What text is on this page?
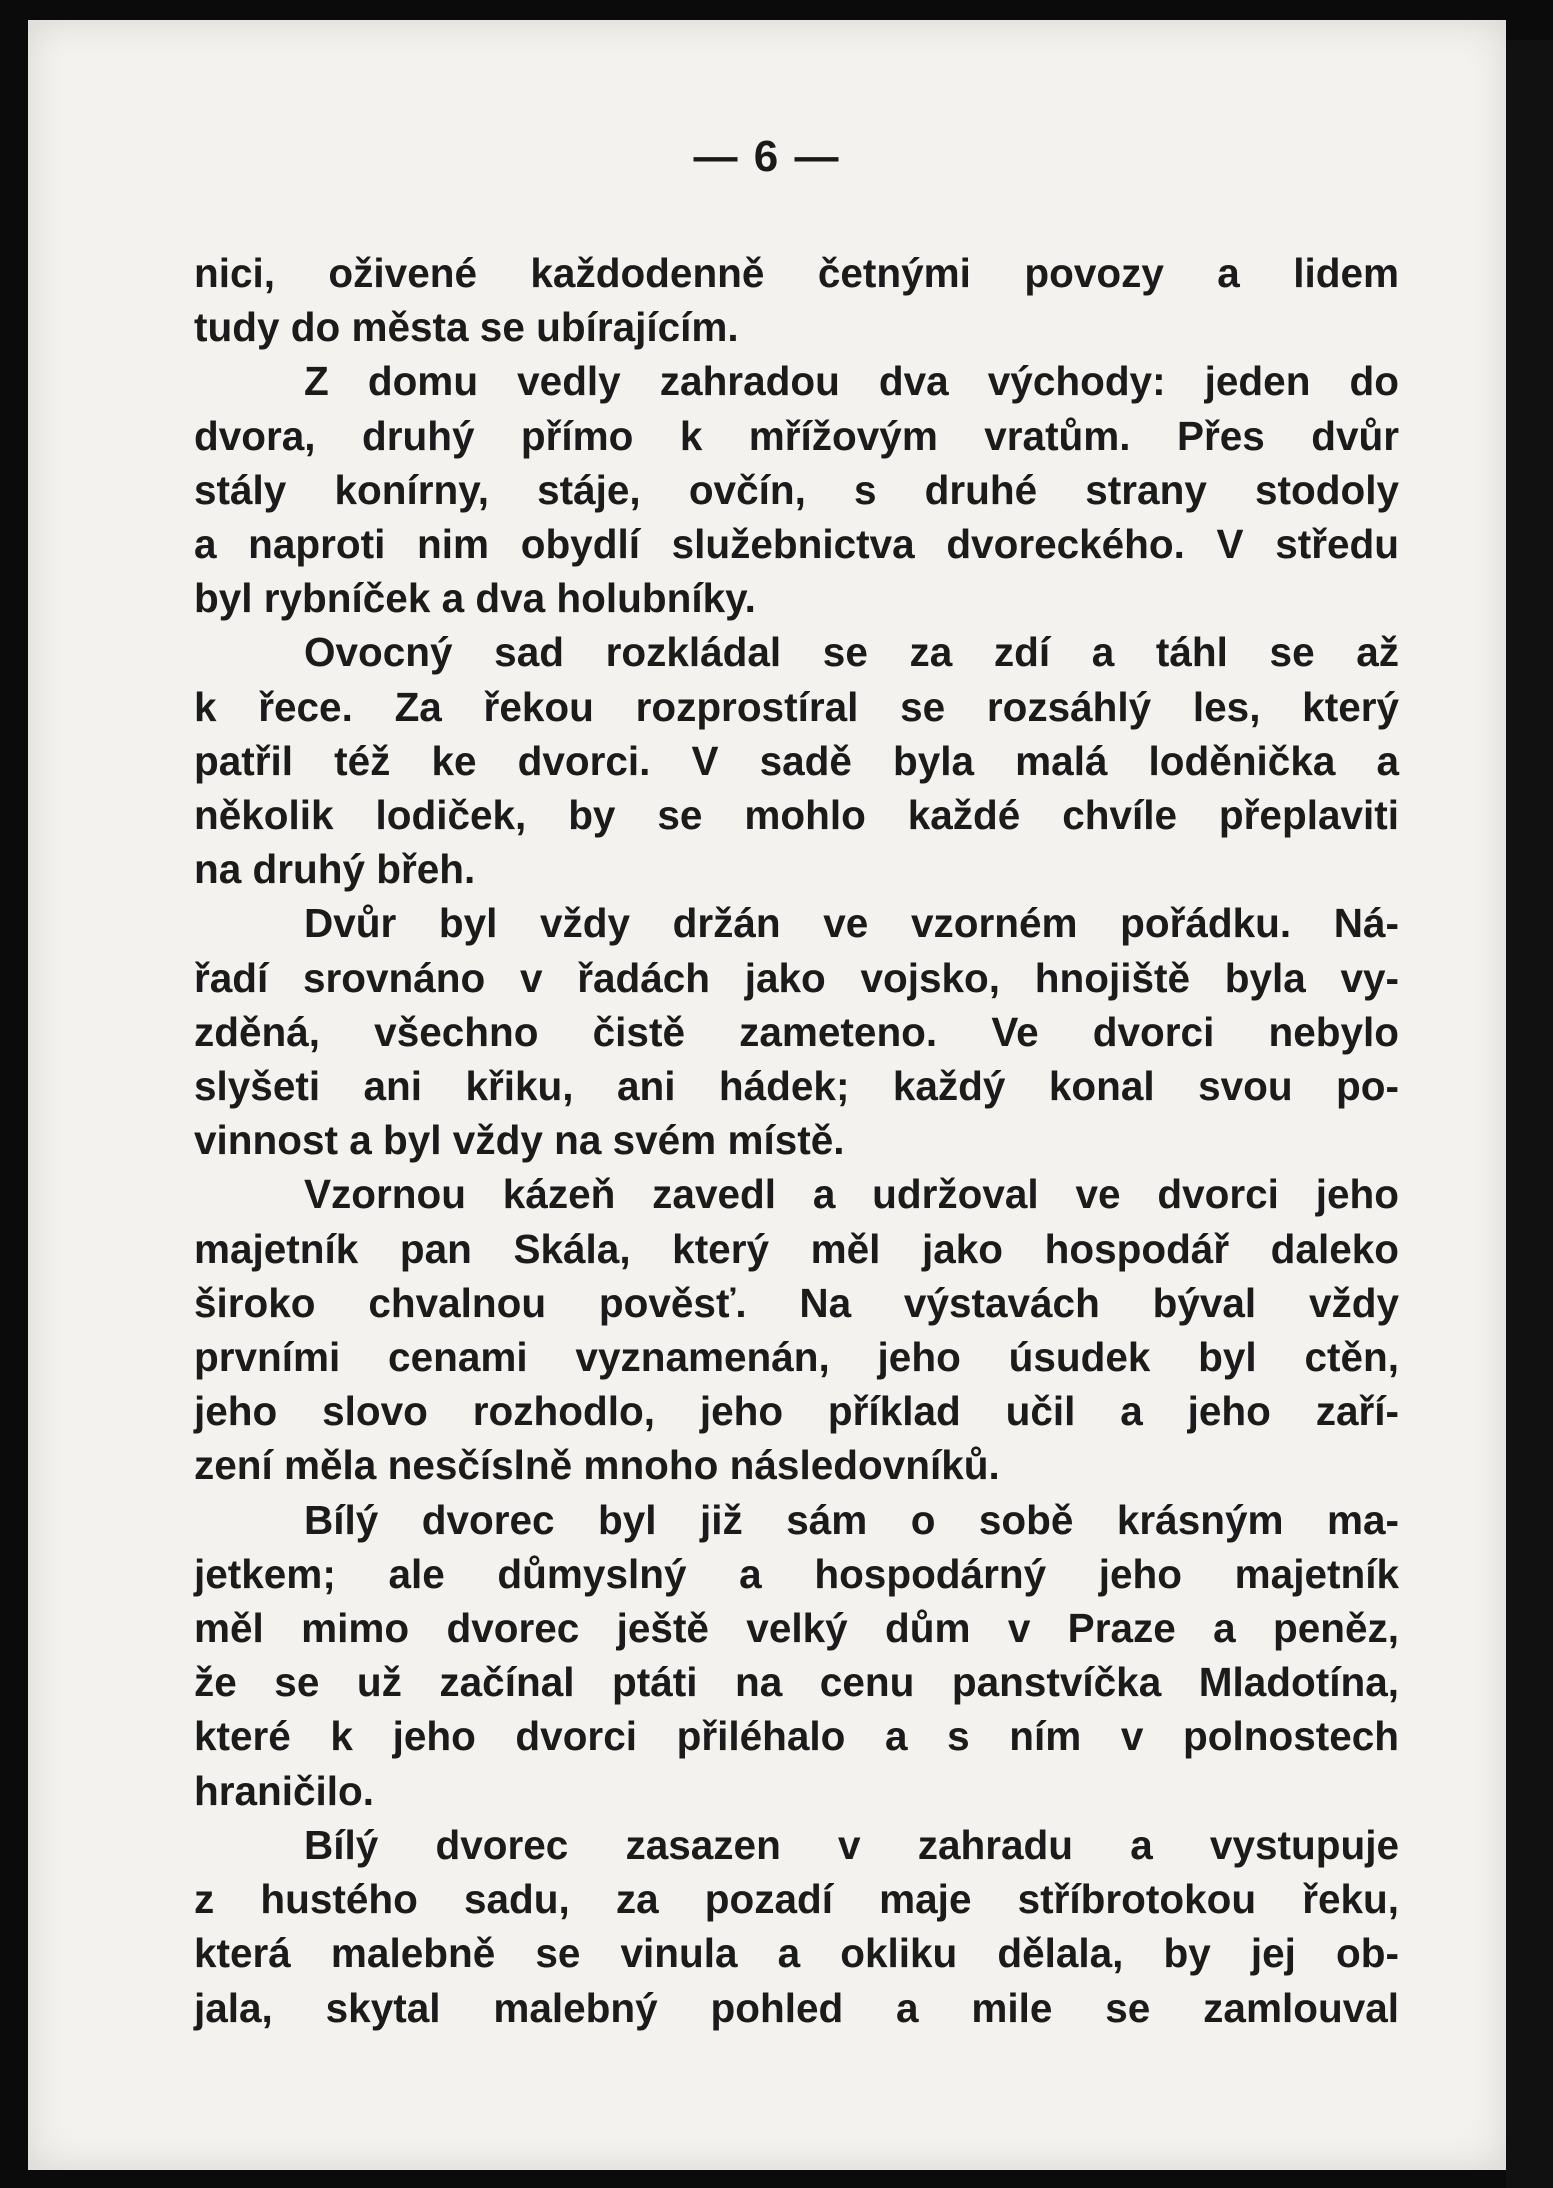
— 6 —
nici, oživené každodenně četnými povozy a lidem
tudy do města se ubírajícím.
Z domu vedly zahradou dva východy: jeden do
dvora, druhý přímo k mřížovým vratům. Přes dvůr
stály konírny, stáje, ovčín, s druhé strany stodoly
a naproti nim obydlí služebnictva dvoreckého. V středu
byl rybníček a dva holubníky.
Ovocný sad rozkládal se za zdí a táhl se až
k řece. Za řekou rozprostíral se rozsáhlý les, který
patřil též ke dvorci. V sadě byla malá loděnička a
několik lodiček, by se mohlo každé chvíle přeplaviti
na druhý břeh.
Dvůr byl vždy držán ve vzorném pořádku. Ná-
řadí srovnáno v řadách jako vojsko, hnojiště byla vy-
zděná, všechno čistě zameteno. Ve dvorci nebylo
slyšeti ani křiku, ani hádek; každý konal svou po-
vinnost a byl vždy na svém místě.
Vzornou kázeň zavedl a udržoval ve dvorci jeho
majetník pan Skála, který měl jako hospodář daleko
široko chvalnou pověsť. Na výstavách býval vždy
prvními cenami vyznamenán, jeho úsudek byl ctěn,
jeho slovo rozhodlo, jeho příklad učil a jeho zaří-
zení měla nesčíslně mnoho následovníků.
Bílý dvorec byl již sám o sobě krásným ma-
jetkem; ale důmyslný a hospodárný jeho majetník
měl mimo dvorec ještě velký dům v Praze a peněz,
že se už začínal ptáti na cenu panstvíčka Mladotína,
které k jeho dvorci přiléhalo a s ním v polnostech
hraničilo.
Bílý dvorec zasazen v zahradu a vystupuje
z hustého sadu, za pozadí maje stříbrotokou řeku,
která malebně se vinula a okliku dělala, by jej ob-
jala, skytal malebný pohled a mile se zamlouval
